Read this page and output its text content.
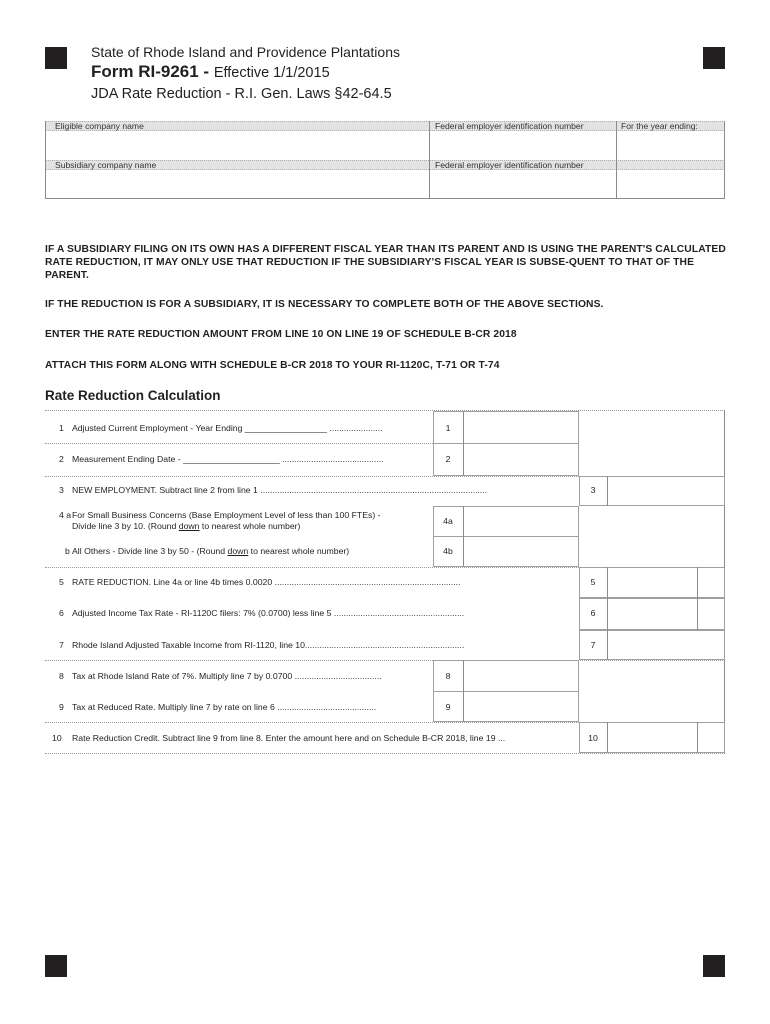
State of Rhode Island and Providence Plantations
Form RI-9261 - Effective 1/1/2015
JDA Rate Reduction - R.I. Gen. Laws §42-64.5
Eligible company name	Federal employer identification number	For the year ending:
Subsidiary company name	Federal employer identification number
IF A SUBSIDIARY FILING ON ITS OWN HAS A DIFFERENT FISCAL YEAR THAN ITS PARENT AND IS USING THE PARENT'S CALCULATED RATE REDUCTION, IT MAY ONLY USE THAT REDUCTION IF THE SUBSIDIARY'S FISCAL YEAR IS SUBSE-QUENT TO THAT OF THE PARENT.
IF THE REDUCTION IS FOR A SUBSIDIARY, IT IS NECESSARY TO COMPLETE BOTH OF THE ABOVE SECTIONS.
ENTER THE RATE REDUCTION AMOUNT FROM LINE 10 ON LINE 19 OF SCHEDULE B-CR 2018
ATTACH THIS FORM ALONG WITH SCHEDULE B-CR 2018 TO YOUR RI-1120C, T-71 OR T-74
Rate Reduction Calculation
1 Adjusted Current Employment - Year Ending _________________ ......................	1
2 Measurement Ending Date - ____________________ ..........................................	2
3 NEW EMPLOYMENT. Subtract line 2 from line 1 ..............................................................................................	3
4 a For Small Business Concerns (Base Employment Level of less than 100 FTEs) -
Divide line 3 by 10. (Round down to nearest whole number)	4a
b All Others - Divide line 3 by 50 - (Round down to nearest whole number)	4b
5 RATE REDUCTION. Line 4a or line 4b times 0.0020 .............................................................................	5
6 Adjusted Income Tax Rate - RI-1120C filers: 7% (0.0700) less line 5 ......................................................	6
7 Rhode Island Adjusted Taxable Income from RI-1120, line 10..................................................................	7
8 Tax at Rhode Island Rate of 7%. Multiply line 7 by 0.0700 ....................................	8
9 Tax at Reduced Rate. Multiply line 7 by rate on line 6 .........................................	9
10 Rate Reduction Credit. Subtract line 9 from line 8. Enter the amount here and on Schedule B-CR 2018, line 19 ...	10
